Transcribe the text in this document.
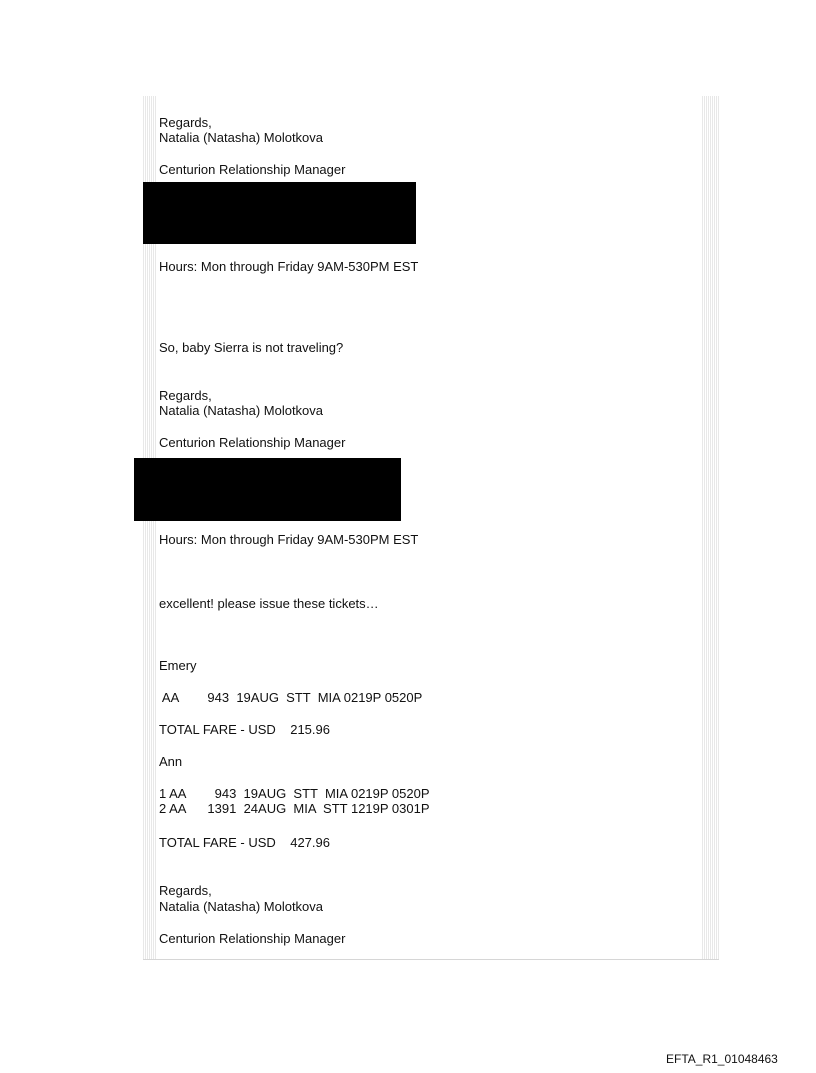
Regards,
Natalia (Natasha) Molotkova
Centurion Relationship Manager
Hours: Mon through Friday 9AM-530PM EST
So, baby Sierra is not traveling?
Regards,
Natalia (Natasha) Molotkova
Centurion Relationship Manager
Hours: Mon through Friday 9AM-530PM EST
excellent! please issue these tickets…
Emery
AA        943  19AUG  STT  MIA 0219P 0520P
TOTAL FARE - USD    215.96
Ann
1 AA        943  19AUG  STT  MIA 0219P 0520P
2 AA      1391  24AUG  MIA  STT 1219P 0301P
TOTAL FARE - USD    427.96
Regards,
Natalia (Natasha) Molotkova
Centurion Relationship Manager
EFTA_R1_01048463
